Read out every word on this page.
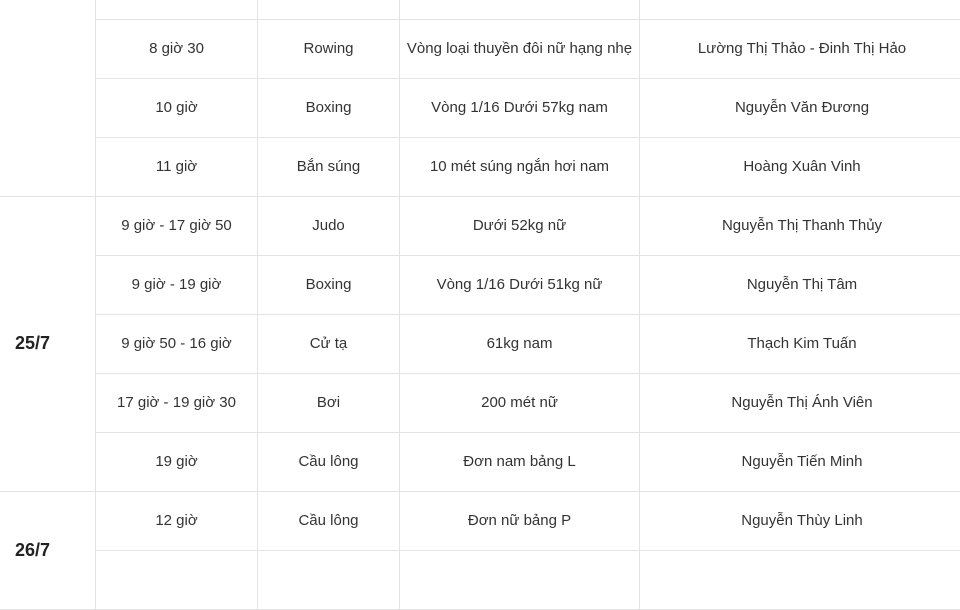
	8 giờ 30	Rowing	Vòng loại thuyền đôi nữ hạng nhẹ	Lường Thị Thảo - Đinh Thị Hảo
	10 giờ	Boxing	Vòng 1/16 Dưới 57kg nam	Nguyễn Văn Đương
	11 giờ	Bắn súng	10 mét súng ngắn hơi nam	Hoàng Xuân Vinh
25/7	9 giờ - 17 giờ 50	Judo	Dưới 52kg nữ	Nguyễn Thị Thanh Thủy
	9 giờ - 19 giờ	Boxing	Vòng 1/16 Dưới 51kg nữ	Nguyễn Thị Tâm
	9 giờ 50 - 16 giờ	Cử tạ	61kg nam	Thạch Kim Tuấn
	17 giờ - 19 giờ 30	Bơi	200 mét nữ	Nguyễn Thị Ánh Viên
	19 giờ	Cầu lông	Đơn nam bảng L	Nguyễn Tiến Minh
26/7	12 giờ	Cầu lông	Đơn nữ bảng P	Nguyễn Thùy Linh
